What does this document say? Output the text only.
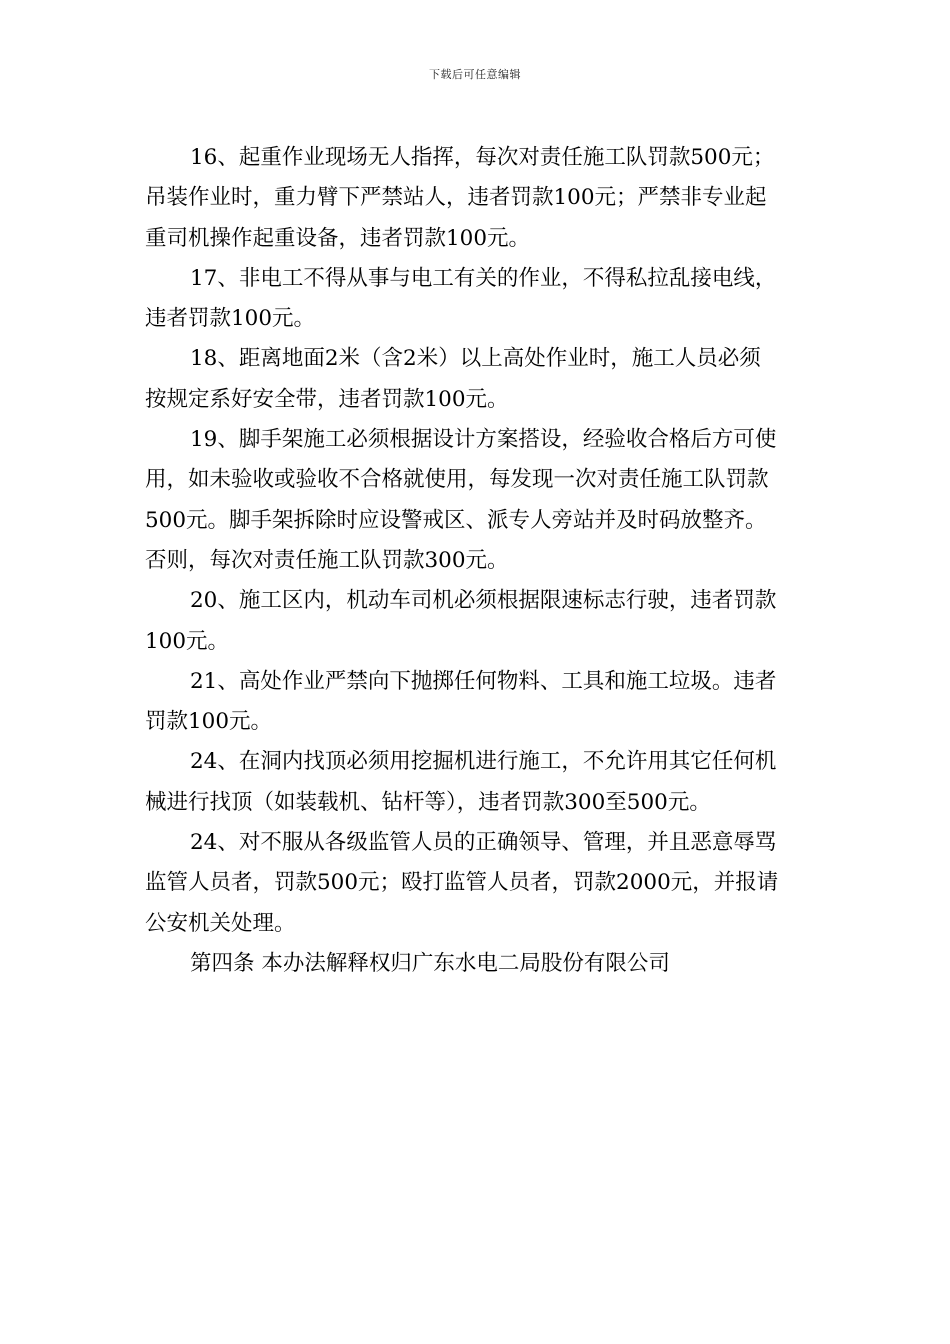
下载后可任意编辑

16、起重作业现场无人指挥，每次对责任施工队罚款500元；
吊装作业时，重力臂下严禁站人，违者罚款100元；严禁非专业起
重司机操作起重设备，违者罚款100元。

17、非电工不得从事与电工有关的作业，不得私拉乱接电线，
违者罚款100元。

18、距离地面2米（含2米）以上高处作业时，施工人员必须
按规定系好安全带，违者罚款100元。

19、脚手架施工必须根据设计方案搭设，经验收合格后方可使
用，如未验收或验收不合格就使用，每发现一次对责任施工队罚款
500元。脚手架拆除时应设警戒区、派专人旁站并及时码放整齐。
否则，每次对责任施工队罚款300元。

20、施工区内，机动车司机必须根据限速标志行驶，违者罚款
100元。

21、高处作业严禁向下抛掷任何物料、工具和施工垃圾。违者
罚款100元。

24、在洞内找顶必须用挖掘机进行施工，不允许用其它任何机
械进行找顶（如装载机、钻杆等），违者罚款300至500元。

24、对不服从各级监管人员的正确领导、管理，并且恶意辱骂
监管人员者，罚款500元；殴打监管人员者，罚款2000元，并报请
公安机关处理。

第四条 本办法解释权归广东水电二局股份有限公司
